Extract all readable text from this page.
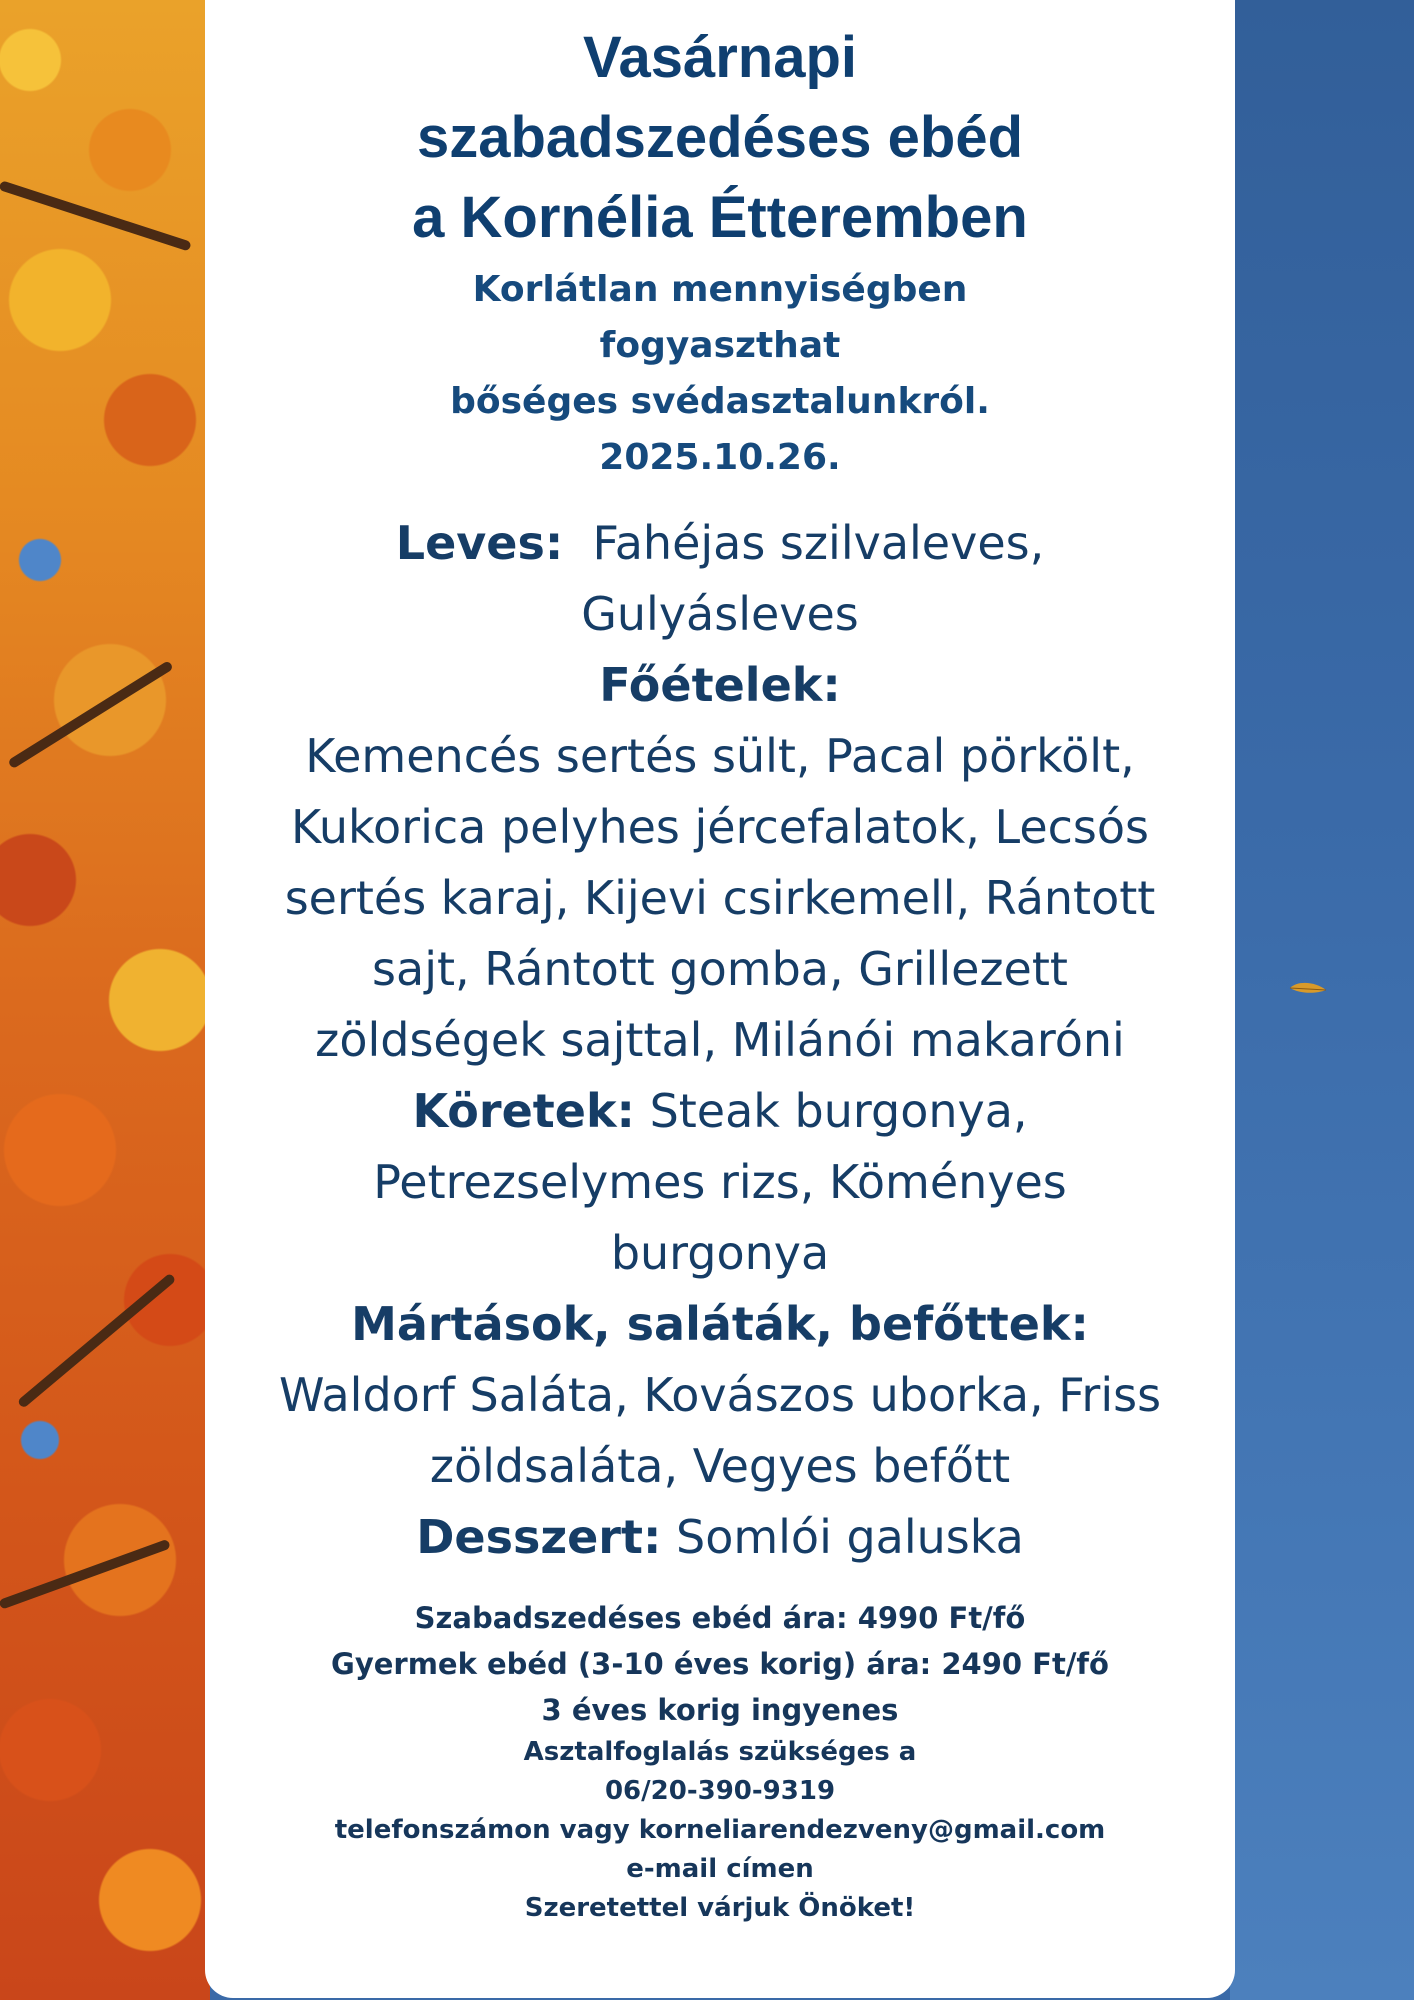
Vasárnapi
szabadszedéses ebéd
a Kornélia Étteremben
Korlátlan mennyiségben
fogyaszthat
bőséges svédasztalunkról.
2025.10.26.

Leves: Fahéjas szilvaleves,

Gulyásleves

Főételek:

Kemencés sertés sült, Pacal pörkölt,

Kukorica pelyhes jércefalatok, Lecsós

sertés karaj, Kijevi csirkemell, Rántott

sajt, Rántott gomba, Grillezett

zöldségek sajttal, Milánói makaróni

Köretek: Steak burgonya,

Petrezselymes rizs, Köményes

burgonya

Mártások, saláták, befőttek:

Waldorf Saláta, Kovászos uborka, Friss

zöldsaláta, Vegyes befőtt

Desszert: Somlói galuska

Szabadszedéses ebéd ára: 4990 Ft/fő
Gyermek ebéd (3-10 éves korig) ára: 2490 Ft/fő
3 éves korig ingyenes
Asztalfoglalás szükséges a
06/20-390-9319
telefonszámon vagy korneliarendezveny@gmail.com
e-mail címen
Szeretettel várjuk Önöket!
